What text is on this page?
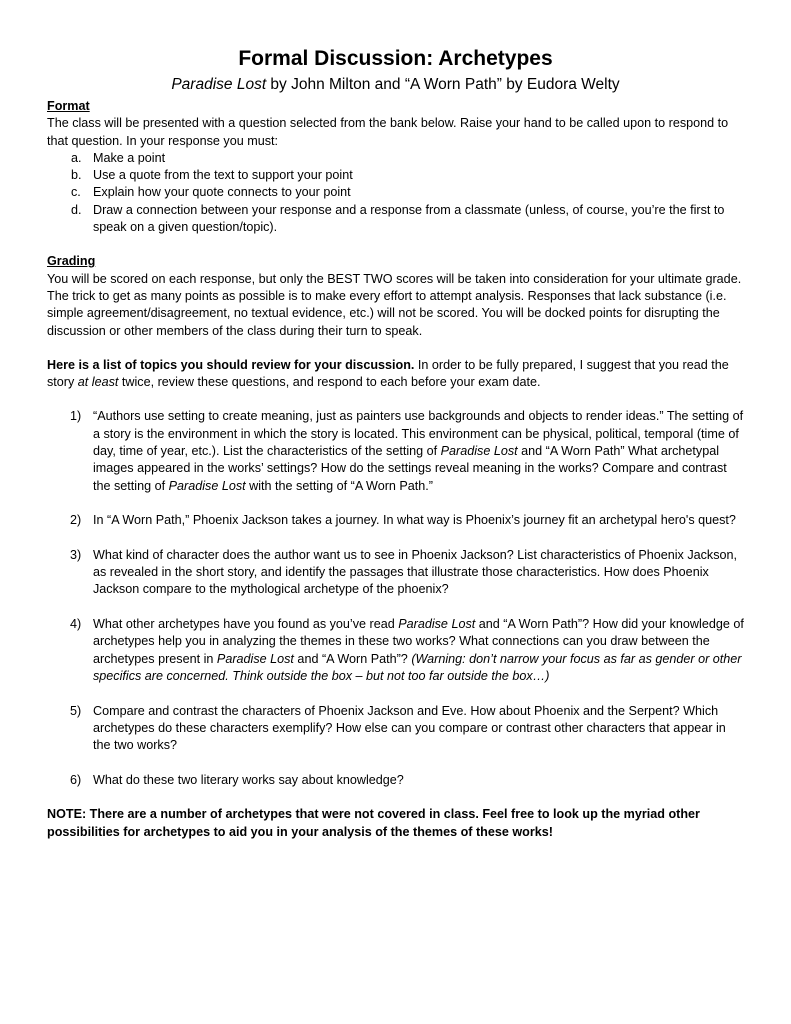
Formal Discussion: Archetypes
Paradise Lost by John Milton and “A Worn Path” by Eudora Welty

Format

The class will be presented with a question selected from the bank below. Raise your hand to be called upon to respond to that question. In your response you must:

a. Make a point
b. Use a quote from the text to support your point
c. Explain how your quote connects to your point
d. Draw a connection between your response and a response from a classmate (unless, of course, you’re the first to speak on a given question/topic).

Grading

You will be scored on each response, but only the BEST TWO scores will be taken into consideration for your ultimate grade. The trick to get as many points as possible is to make every effort to attempt analysis. Responses that lack substance (i.e. simple agreement/disagreement, no textual evidence, etc.) will not be scored. You will be docked points for disrupting the discussion or other members of the class during their turn to speak.

Here is a list of topics you should review for your discussion. In order to be fully prepared, I suggest that you read the story at least twice, review these questions, and respond to each before your exam date.

1) “Authors use setting to create meaning, just as painters use backgrounds and objects to render ideas.” The setting of a story is the environment in which the story is located. This environment can be physical, political, temporal (time of day, time of year, etc.). List the characteristics of the setting of Paradise Lost and “A Worn Path” What archetypal images appeared in the works’ settings? How do the settings reveal meaning in the works? Compare and contrast the setting of Paradise Lost with the setting of “A Worn Path.”
2) In “A Worn Path,” Phoenix Jackson takes a journey. In what way is Phoenix’s journey fit an archetypal hero's quest?
3) What kind of character does the author want us to see in Phoenix Jackson? List characteristics of Phoenix Jackson, as revealed in the short story, and identify the passages that illustrate those characteristics. How does Phoenix Jackson compare to the mythological archetype of the phoenix?
4) What other archetypes have you found as you’ve read Paradise Lost and “A Worn Path”? How did your knowledge of archetypes help you in analyzing the themes in these two works? What connections can you draw between the archetypes present in Paradise Lost and “A Worn Path”? (Warning: don’t narrow your focus as far as gender or other specifics are concerned. Think outside the box – but not too far outside the box…)
5) Compare and contrast the characters of Phoenix Jackson and Eve. How about Phoenix and the Serpent? Which archetypes do these characters exemplify? How else can you compare or contrast other characters that appear in the two works?
6) What do these two literary works say about knowledge?

NOTE: There are a number of archetypes that were not covered in class. Feel free to look up the myriad other possibilities for archetypes to aid you in your analysis of the themes of these works!
